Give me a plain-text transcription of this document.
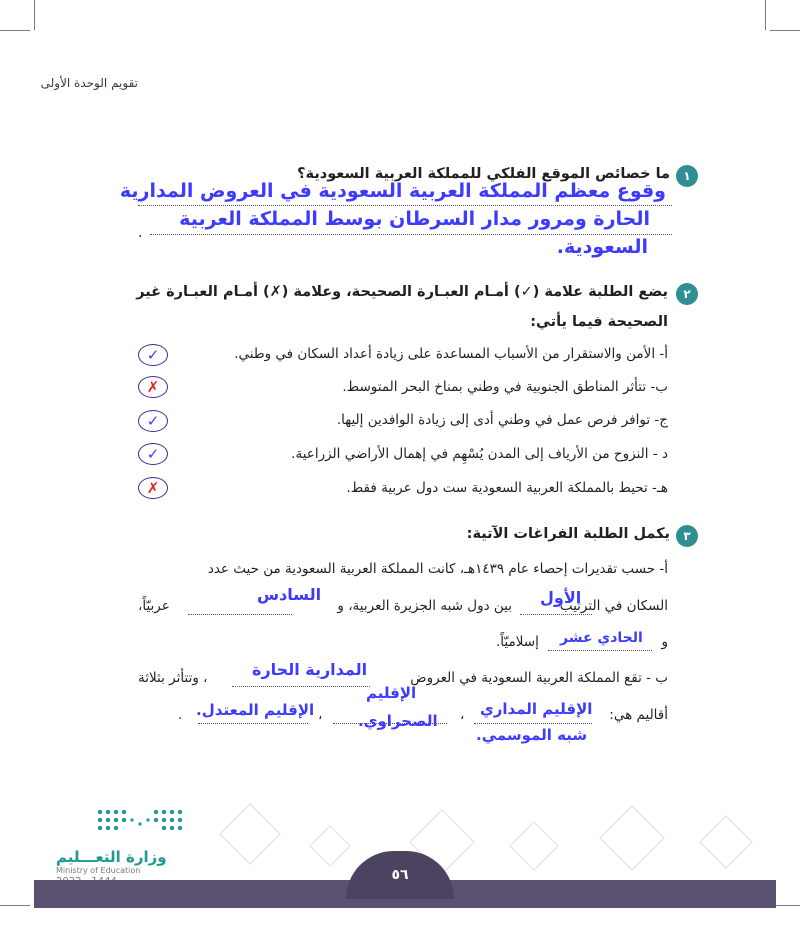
تقويم الوحدة الأولى
١
ما خصائص الموقع الفلكي للمملكة العربية السعودية؟
وقوع معظم المملكة العربية السعودية في العروض المدارية
الحارة ومرور مدار السرطان بوسط المملكة العربية
.
السعودية.
٢
يضع الطلبة علامة (✓) أمـام العبـارة الصحيحة، وعلامة (✗) أمـام العبـارة غير
الصحيحة فيما يأتي:
أ- الأمن والاستقرار من الأسباب المساعدة على زيادة أعداد السكان في وطني.
✓
ب- تتأثر المناطق الجنوبية في وطني بمناخ البحر المتوسط.
✗
ج- توافر فرص عمل في وطني أدى إلى زيادة الوافدين إليها.
✓
د - النزوح من الأرياف إلى المدن يُسْهِم في إهمال الأراضي الزراعية.
✓
هـ- تحيط بالمملكة العربية السعودية ست دول عربية فقط.
✗
٣
يكمل الطلبة الفراغات الآتية:
أ- حسب تقديرات إحصاء عام ١٤٣٩هـ، كانت المملكة العربية السعودية من حيث عدد
السكان في الترتيب
الأول
بين دول شبه الجزيرة العربية، و
السادس
عربيّاً،
و
الحادي عشر
إسلاميّاً.
ب - تقع المملكة العربية السعودية في العروض
المدارية الحارة
، وتتأثر بثلاثة
أقاليم هي:
الإقليم المداري
شبه الموسمي.
،
الإقليم
الصحراوي.
،
الإقليم المعتدل.
.
وزارة التعـــليم
Ministry of Education	٥٦
